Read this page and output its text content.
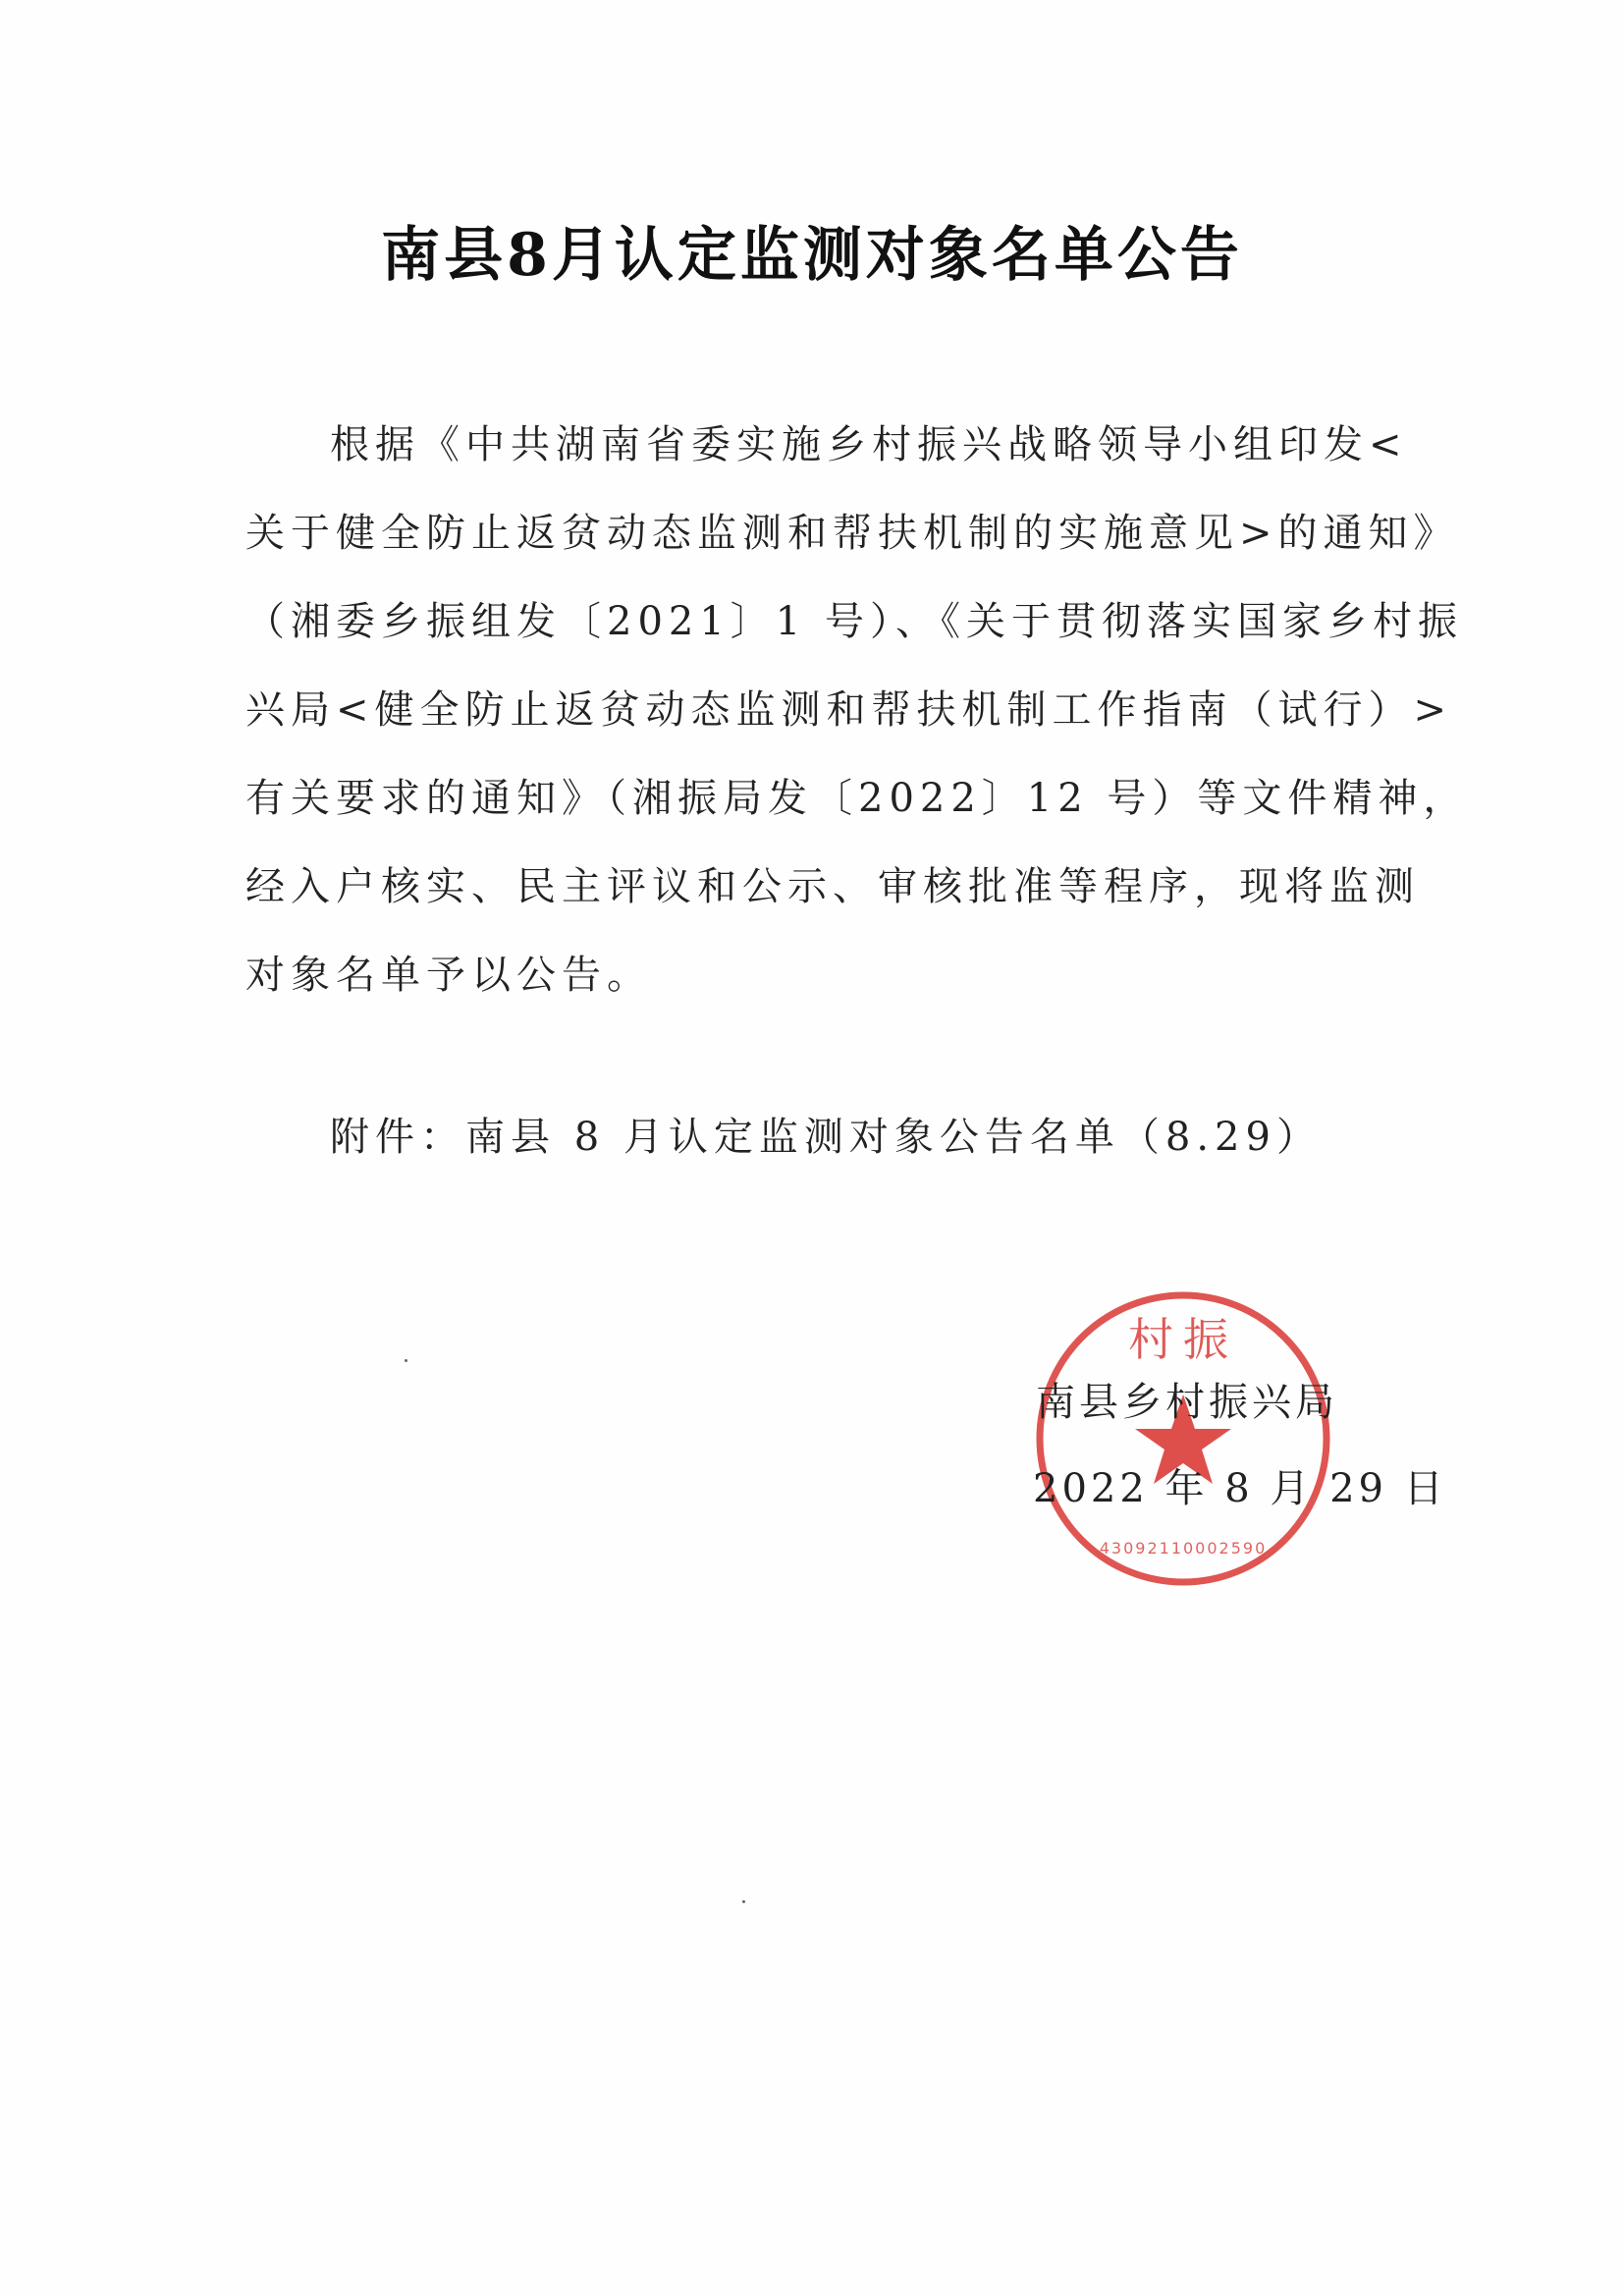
南县8月认定监测对象名单公告
根据《中共湖南省委实施乡村振兴战略领导小组印发<
关于健全防止返贫动态监测和帮扶机制的实施意见>的通知》
（湘委乡振组发〔2021〕1 号）、《关于贯彻落实国家乡村振
兴局<健全防止返贫动态监测和帮扶机制工作指南（试行）>
有关要求的通知》（湘振局发〔2022〕12 号）等文件精神，
经入户核实、民主评议和公示、审核批准等程序，现将监测
对象名单予以公告。
附件：南县 8 月认定监测对象公告名单（8.29）
村振
430921100025​90
南县乡村振兴局
2022 年 8 月 29 日
